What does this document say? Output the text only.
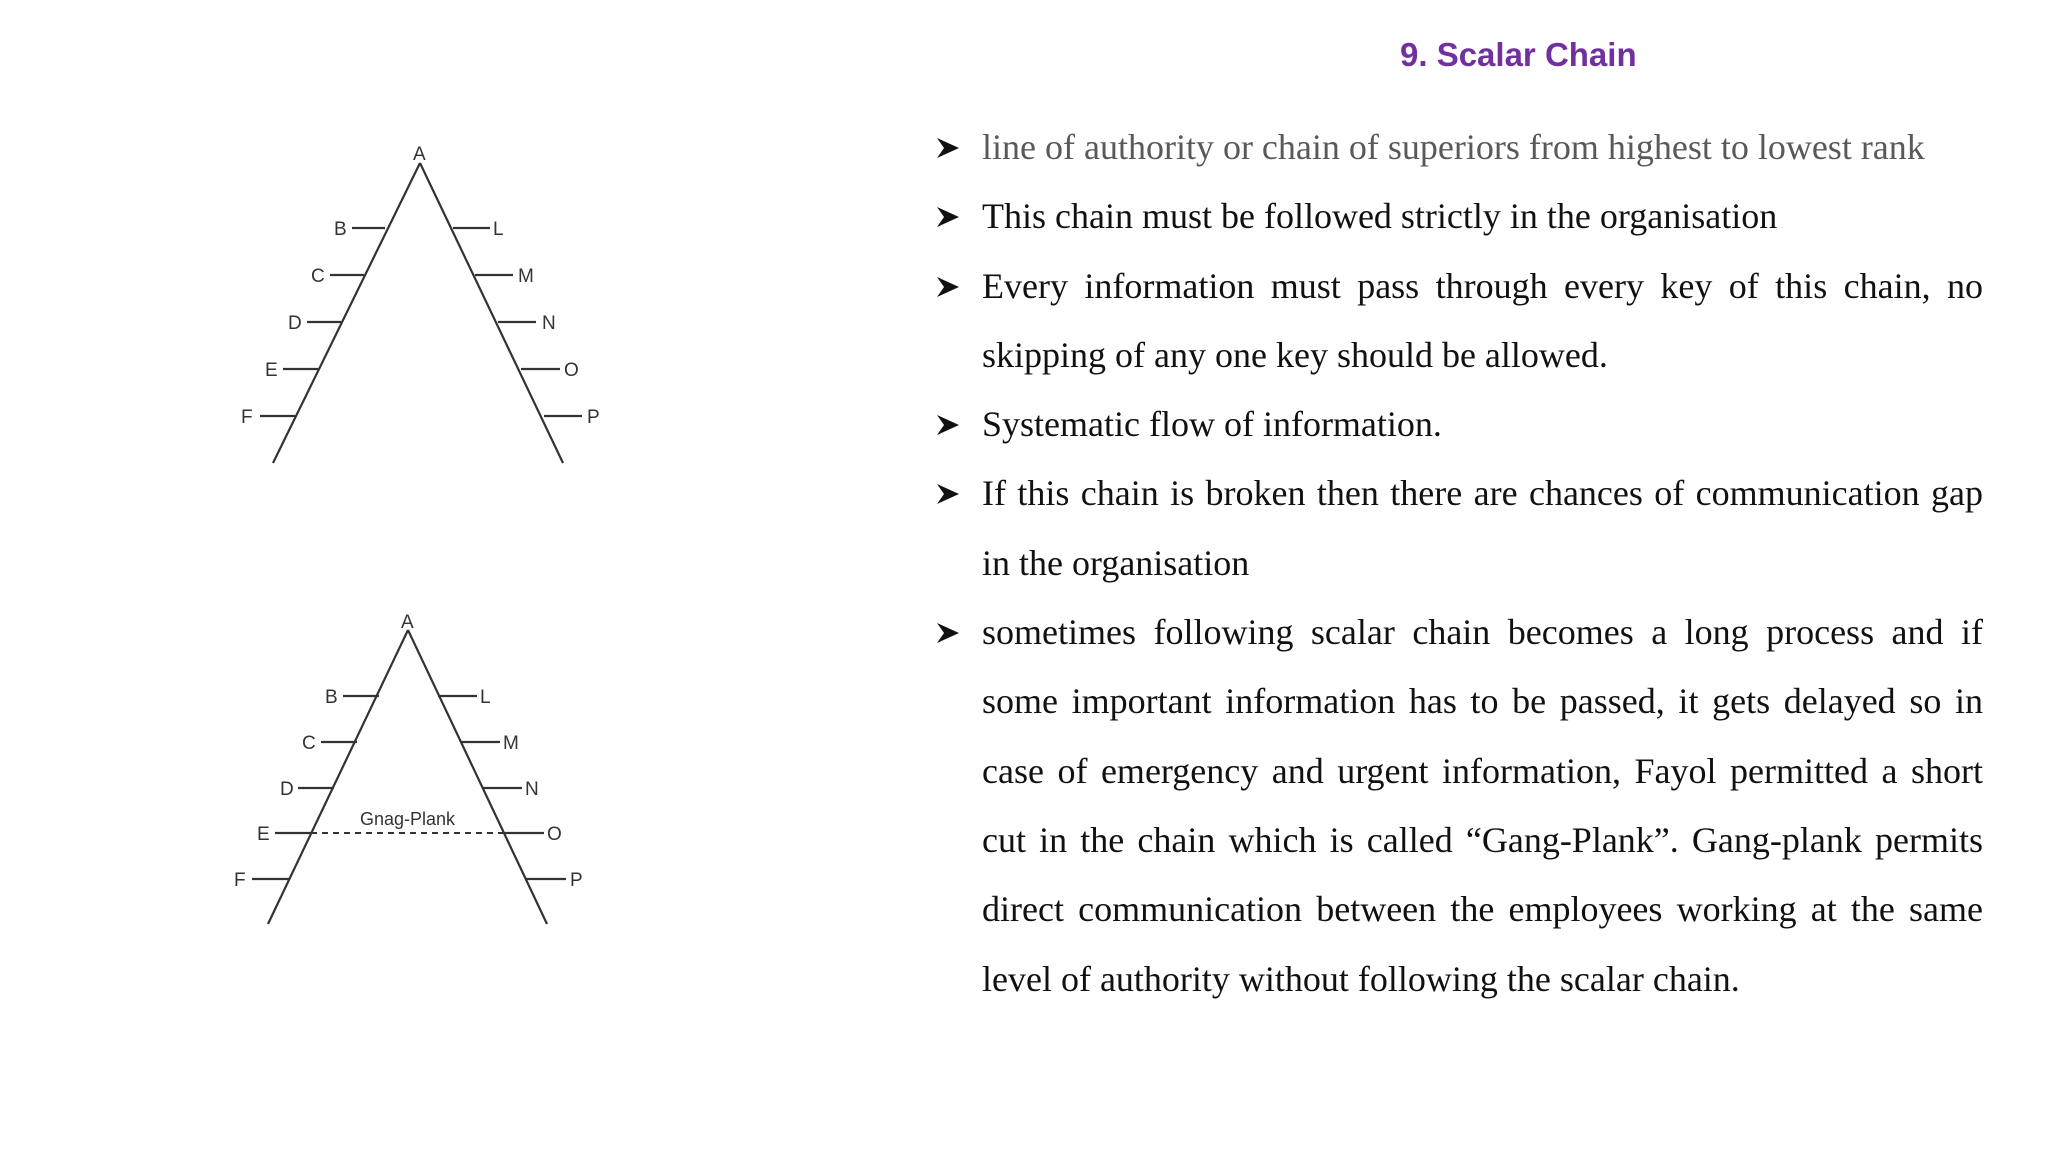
9. Scalar Chain
A
B
C
D
E
F
L
M
N
O
P
A
B
C
D
E
F
L
M
N
O
P
Gnag-Plank
line of authority or chain of superiors from highest to lowest rank
This chain must be followed strictly in the organisation
Every information must pass through every key of this chain, no skipping of any one key should be allowed.
Systematic flow of information.
If this chain is broken then there are chances of communication gap in the organisation
sometimes following scalar chain becomes a long process and if some important information has to be passed, it gets delayed so in case of emergency and urgent information, Fayol permitted a short cut in the chain which is called “Gang-Plank”. Gang-plank permits direct communication between the employees working at the same level of authority without following the scalar chain.
